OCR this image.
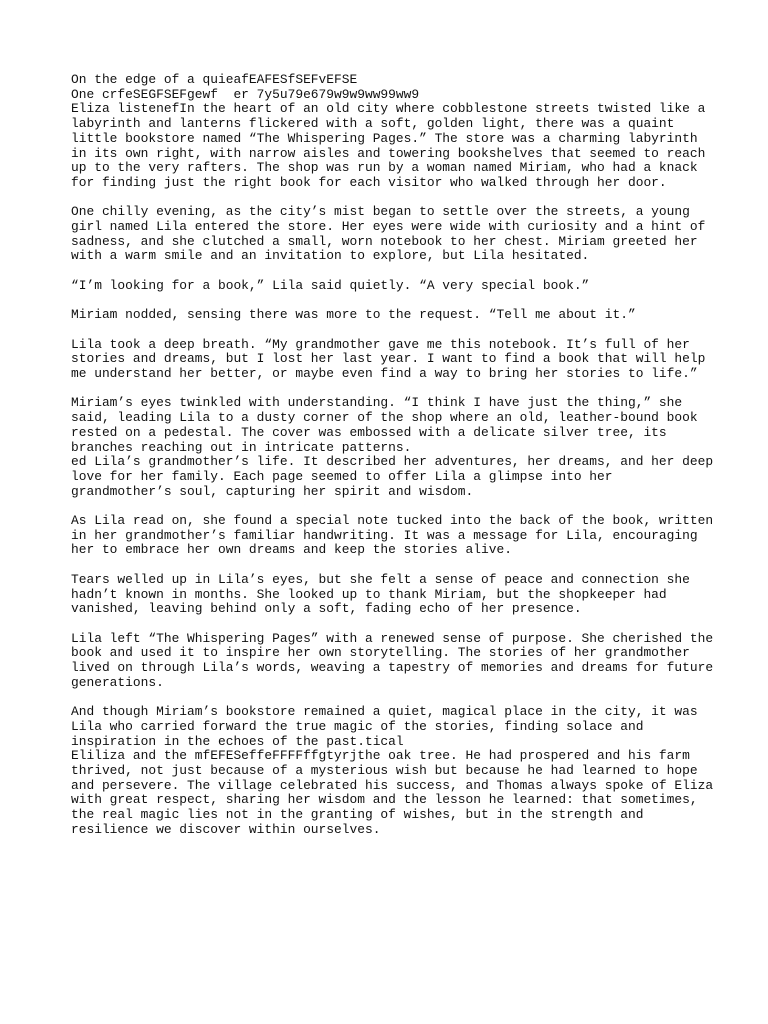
On the edge of a quieafEAFESfSEFvEFSE
One crfeSEGFSEFgewf  er 7y5u79e679w9w9ww99ww9
Eliza listenefIn the heart of an old city where cobblestone streets twisted like a
labyrinth and lanterns flickered with a soft, golden light, there was a quaint
little bookstore named “The Whispering Pages.” The store was a charming labyrinth
in its own right, with narrow aisles and towering bookshelves that seemed to reach
up to the very rafters. The shop was run by a woman named Miriam, who had a knack
for finding just the right book for each visitor who walked through her door.

One chilly evening, as the city’s mist began to settle over the streets, a young
girl named Lila entered the store. Her eyes were wide with curiosity and a hint of
sadness, and she clutched a small, worn notebook to her chest. Miriam greeted her
with a warm smile and an invitation to explore, but Lila hesitated.

“I’m looking for a book,” Lila said quietly. “A very special book.”

Miriam nodded, sensing there was more to the request. “Tell me about it.”

Lila took a deep breath. “My grandmother gave me this notebook. It’s full of her
stories and dreams, but I lost her last year. I want to find a book that will help
me understand her better, or maybe even find a way to bring her stories to life.”

Miriam’s eyes twinkled with understanding. “I think I have just the thing,” she
said, leading Lila to a dusty corner of the shop where an old, leather-bound book
rested on a pedestal. The cover was embossed with a delicate silver tree, its
branches reaching out in intricate patterns.
ed Lila’s grandmother’s life. It described her adventures, her dreams, and her deep
love for her family. Each page seemed to offer Lila a glimpse into her
grandmother’s soul, capturing her spirit and wisdom.

As Lila read on, she found a special note tucked into the back of the book, written
in her grandmother’s familiar handwriting. It was a message for Lila, encouraging
her to embrace her own dreams and keep the stories alive.

Tears welled up in Lila’s eyes, but she felt a sense of peace and connection she
hadn’t known in months. She looked up to thank Miriam, but the shopkeeper had
vanished, leaving behind only a soft, fading echo of her presence.

Lila left “The Whispering Pages” with a renewed sense of purpose. She cherished the
book and used it to inspire her own storytelling. The stories of her grandmother
lived on through Lila’s words, weaving a tapestry of memories and dreams for future
generations.

And though Miriam’s bookstore remained a quiet, magical place in the city, it was
Lila who carried forward the true magic of the stories, finding solace and
inspiration in the echoes of the past.tical
Eliliza and the mfEFESeffeFFFFffgtyrjthe oak tree. He had prospered and his farm
thrived, not just because of a mysterious wish but because he had learned to hope
and persevere. The village celebrated his success, and Thomas always spoke of Eliza
with great respect, sharing her wisdom and the lesson he learned: that sometimes,
the real magic lies not in the granting of wishes, but in the strength and
resilience we discover within ourselves.
